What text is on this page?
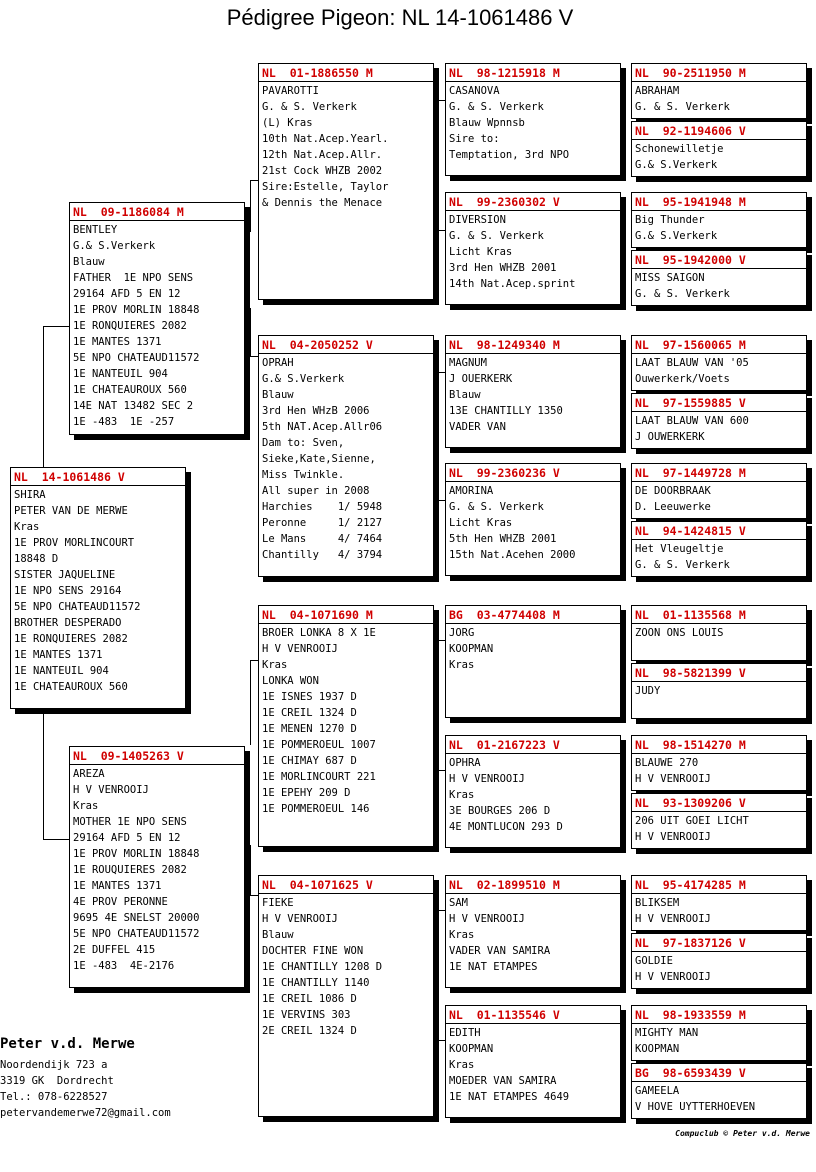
Pédigree Pigeon: NL 14-1061486 V
NL  14-1061486 V
SHIRA
PETER VAN DE MERWE
Kras
1E PROV MORLINCOURT
18848 D
SISTER JAQUELINE
1E NPO SENS 29164
5E NPO CHATEAUD11572
BROTHER DESPERADO
1E RONQUIERES 2082
1E MANTES 1371
1E NANTEUIL 904
1E CHATEAUROUX 560
NL  09-1186084 M
BENTLEY
G.& S.Verkerk
Blauw
FATHER  1E NPO SENS
29164 AFD 5 EN 12
1E PROV MORLIN 18848
1E RONQUIERES 2082
1E MANTES 1371
5E NPO CHATEAUD11572
1E NANTEUIL 904
1E CHATEAUROUX 560
14E NAT 13482 SEC 2
1E -483  1E -257
NL  09-1405263 V
AREZA
H V VENROOIJ
Kras
MOTHER 1E NPO SENS
29164 AFD 5 EN 12
1E PROV MORLIN 18848
1E ROUQUIERES 2082
1E MANTES 1371
4E PROV PERONNE
9695 4E SNELST 20000
5E NPO CHATEAUD11572
2E DUFFEL 415
1E -483  4E-2176
NL  01-1886550 M
PAVAROTTI
G. & S. Verkerk
(L) Kras
10th Nat.Acep.Yearl.
12th Nat.Acep.Allr.
21st Cock WHZB 2002
Sire:Estelle, Taylor
& Dennis the Menace
NL  04-2050252 V
OPRAH
G.& S.Verkerk
Blauw
3rd Hen WHzB 2006
5th NAT.Acep.Allr06
Dam to: Sven,
Sieke,Kate,Sienne,
Miss Twinkle.
All super in 2008
Harchies    1/ 5948
Peronne     1/ 2127
Le Mans     4/ 7464
Chantilly   4/ 3794
NL  04-1071690 M
BROER LONKA 8 X 1E
H V VENROOIJ
Kras
LONKA WON
1E ISNES 1937 D
1E CREIL 1324 D
1E MENEN 1270 D
1E POMMEROEUL 1007
1E CHIMAY 687 D
1E MORLINCOURT 221
1E EPEHY 209 D
1E POMMEROEUL 146
NL  04-1071625 V
FIEKE
H V VENROOIJ
Blauw
DOCHTER FINE WON
1E CHANTILLY 1208 D
1E CHANTILLY 1140
1E CREIL 1086 D
1E VERVINS 303
2E CREIL 1324 D
NL  98-1215918 M
CASANOVA
G. & S. Verkerk
Blauw Wpnnsb
Sire to:
Temptation, 3rd NPO
NL  99-2360302 V
DIVERSION
G. & S. Verkerk
Licht Kras
3rd Hen WHZB 2001
14th Nat.Acep.sprint
NL  98-1249340 M
MAGNUM
J OUERKERK
Blauw
13E CHANTILLY 1350
VADER VAN
NL  99-2360236 V
AMORINA
G. & S. Verkerk
Licht Kras
5th Hen WHZB 2001
15th Nat.Acehen 2000
BG  03-4774408 M
JORG
KOOPMAN
Kras
NL  01-2167223 V
OPHRA
H V VENROOIJ
Kras
3E BOURGES 206 D
4E MONTLUCON 293 D
NL  02-1899510 M
SAM
H V VENROOIJ
Kras
VADER VAN SAMIRA
1E NAT ETAMPES
NL  01-1135546 V
EDITH
KOOPMAN
Kras
MOEDER VAN SAMIRA
1E NAT ETAMPES 4649
NL  90-2511950 M
ABRAHAM
G. & S. Verkerk
NL  92-1194606 V
Schonewilletje
G.& S.Verkerk
NL  95-1941948 M
Big Thunder
G.& S.Verkerk
NL  95-1942000 V
MISS SAIGON
G. & S. Verkerk
NL  97-1560065 M
LAAT BLAUW VAN '05
Ouwerkerk/Voets
NL  97-1559885 V
LAAT BLAUW VAN 600
J OUWERKERK
NL  97-1449728 M
DE DOORBRAAK
D. Leeuwerke
NL  94-1424815 V
Het Vleugeltje
G. & S. Verkerk
NL  01-1135568 M
ZOON ONS LOUIS
NL  98-5821399 V
JUDY
NL  98-1514270 M
BLAUWE 270
H V VENROOIJ
NL  93-1309206 V
206 UIT GOEI LICHT
H V VENROOIJ
NL  95-4174285 M
BLIKSEM
H V VENROOIJ
NL  97-1837126 V
GOLDIE
H V VENROOIJ
NL  98-1933559 M
MIGHTY MAN
KOOPMAN
BG  98-6593439 V
GAMEELA
V HOVE UYTTERHOEVEN
Peter v.d. Merwe
Noordendijk 723 a
3319 GK  Dordrecht
Tel.: 078-6228527
petervandemerwe72@gmail.com
Compuclub © Peter v.d. Merwe
